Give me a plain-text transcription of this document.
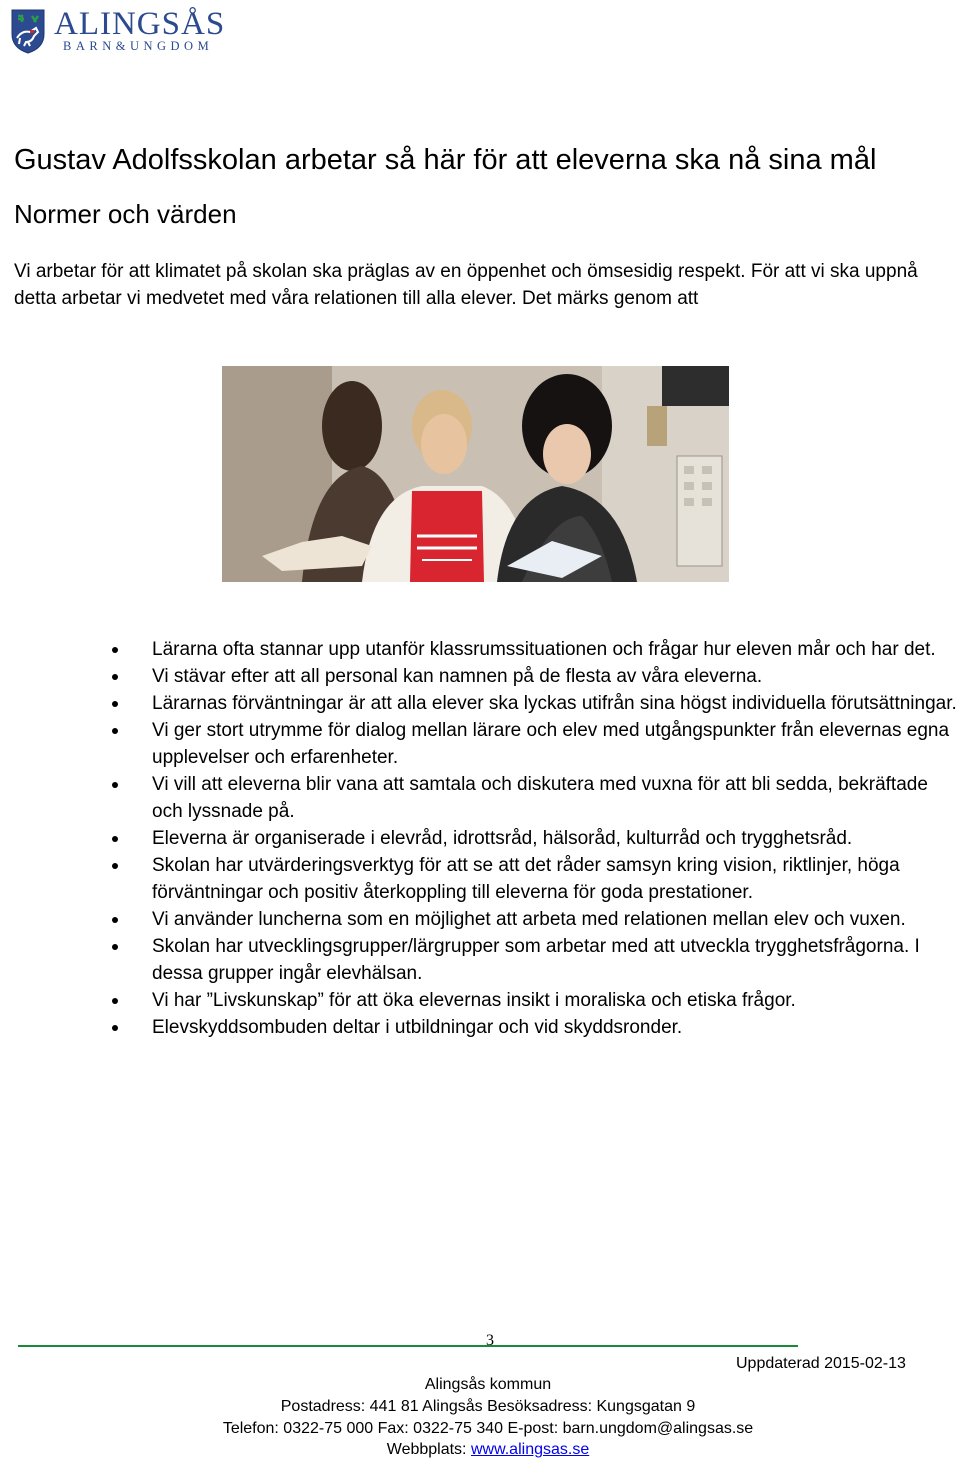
ALINGSÅS
BARN&UNGDOM
Gustav Adolfsskolan arbetar så här för att eleverna ska nå sina mål
Normer och värden

Vi arbetar för att klimatet på skolan ska präglas av en öppenhet och ömsesidig respekt. För att vi ska uppnå detta arbetar vi medvetet med våra relationen till alla elever. Det märks genom att

Lärarna ofta stannar upp utanför klassrumssituationen och frågar hur eleven mår och har det.
Vi stävar efter att all personal kan namnen på de flesta av våra eleverna.
Lärarnas förväntningar är att alla elever ska lyckas utifrån sina högst individuella förutsättningar.
Vi ger stort utrymme för dialog mellan lärare och elev med utgångspunkter från elevernas egna upplevelser och erfarenheter.
Vi vill att eleverna blir vana att samtala och diskutera med vuxna för att bli sedda, bekräftade och lyssnade på.
Eleverna är organiserade i elevråd, idrottsråd, hälsoråd, kulturråd och trygghetsråd.
Skolan har utvärderingsverktyg för att se att det råder samsyn kring vision, riktlinjer, höga förväntningar och positiv återkoppling till eleverna för goda prestationer.
Vi använder luncherna som en möjlighet att arbeta med relationen mellan elev och vuxen.
Skolan har utvecklingsgrupper/lärgrupper som arbetar med att utveckla trygghetsfrågorna. I dessa grupper ingår elevhälsan.
Vi har ”Livskunskap” för att öka elevernas insikt i moraliska och etiska frågor.
Elevskyddsombuden deltar i utbildningar och vid skyddsronder.
3
Uppdaterad 2015-02-13
Alingsås kommun
Postadress: 441 81 Alingsås Besöksadress: Kungsgatan 9
Telefon: 0322-75 000 Fax: 0322-75 340 E-post: barn.ungdom@alingsas.se
Webbplats: www.alingsas.se
